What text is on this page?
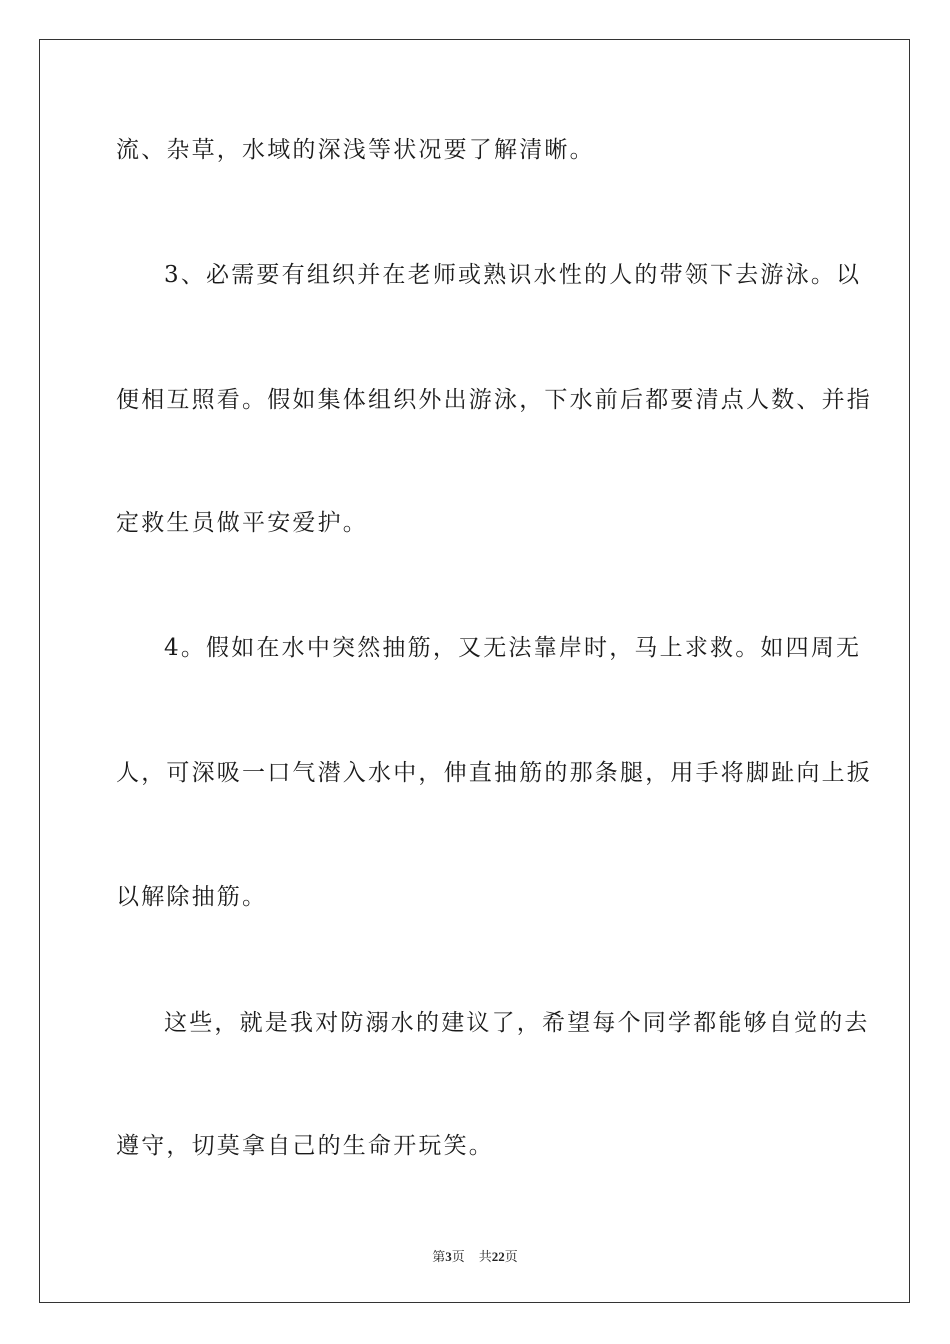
流、杂草，水域的深浅等状况要了解清晰。
3、必需要有组织并在老师或熟识水性的人的带领下去游泳。以
便相互照看。假如集体组织外出游泳，下水前后都要清点人数、并指
定救生员做平安爱护。
4。假如在水中突然抽筋，又无法靠岸时，马上求救。如四周无
人，可深吸一口气潜入水中，伸直抽筋的那条腿，用手将脚趾向上扳
以解除抽筋。
这些，就是我对防溺水的建议了，希望每个同学都能够自觉的去
遵守，切莫拿自己的生命开玩笑。
第3页 共22页
